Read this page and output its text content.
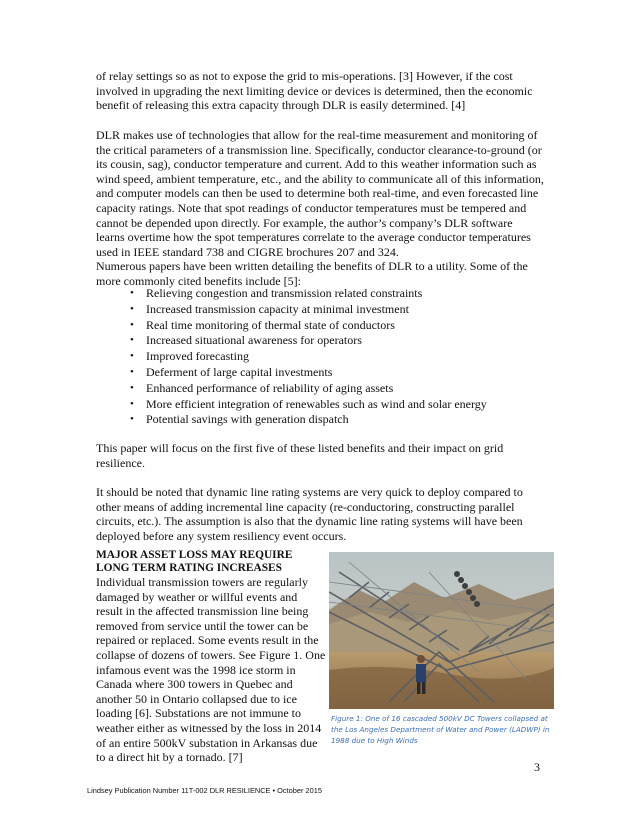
of relay settings so as not to expose the grid to mis-operations. [3] However, if the cost involved in upgrading the next limiting device or devices is determined, then the economic benefit of releasing this extra capacity through DLR is easily determined. [4]

DLR makes use of technologies that allow for the real-time measurement and monitoring of the critical parameters of a transmission line. Specifically, conductor clearance-to-ground (or its cousin, sag), conductor temperature and current. Add to this weather information such as wind speed, ambient temperature, etc., and the ability to communicate all of this information, and computer models can then be used to determine both real-time, and even forecasted line capacity ratings. Note that spot readings of conductor temperatures must be tempered and cannot be depended upon directly. For example, the author’s company’s DLR software learns overtime how the spot temperatures correlate to the average conductor temperatures used in IEEE standard 738 and CIGRE brochures 207 and 324.

Numerous papers have been written detailing the benefits of DLR to a utility. Some of the more commonly cited benefits include [5]:

• Relieving congestion and transmission related constraints
• Increased transmission capacity at minimal investment
• Real time monitoring of thermal state of conductors
• Increased situational awareness for operators
• Improved forecasting
• Deferment of large capital investments
• Enhanced performance of reliability of aging assets
• More efficient integration of renewables such as wind and solar energy
• Potential savings with generation dispatch

This paper will focus on the first five of these listed benefits and their impact on grid resilience.

It should be noted that dynamic line rating systems are very quick to deploy compared to other means of adding incremental line capacity (re-conductoring, constructing parallel circuits, etc.). The assumption is also that the dynamic line rating systems will have been deployed before any system resiliency event occurs.

MAJOR ASSET LOSS MAY REQUIRE LONG TERM RATING INCREASES

Individual transmission towers are regularly damaged by weather or willful events and result in the affected transmission line being removed from service until the tower can be repaired or replaced. Some events result in the collapse of dozens of towers. See Figure 1. One infamous event was the 1998 ice storm in Canada where 300 towers in Quebec and another 50 in Ontario collapsed due to ice loading [6]. Substations are not immune to weather either as witnessed by the loss in 2014 of an entire 500kV substation in Arkansas due to a direct hit by a tornado. [7]

Figure 1: One of 16 cascaded 500kV DC Towers collapsed at the Los Angeles Department of Water and Power (LADWP) in 1988 due to High Winds

3
Lindsey Publication Number 11T-002 DLR RESILIENCE • October 2015
